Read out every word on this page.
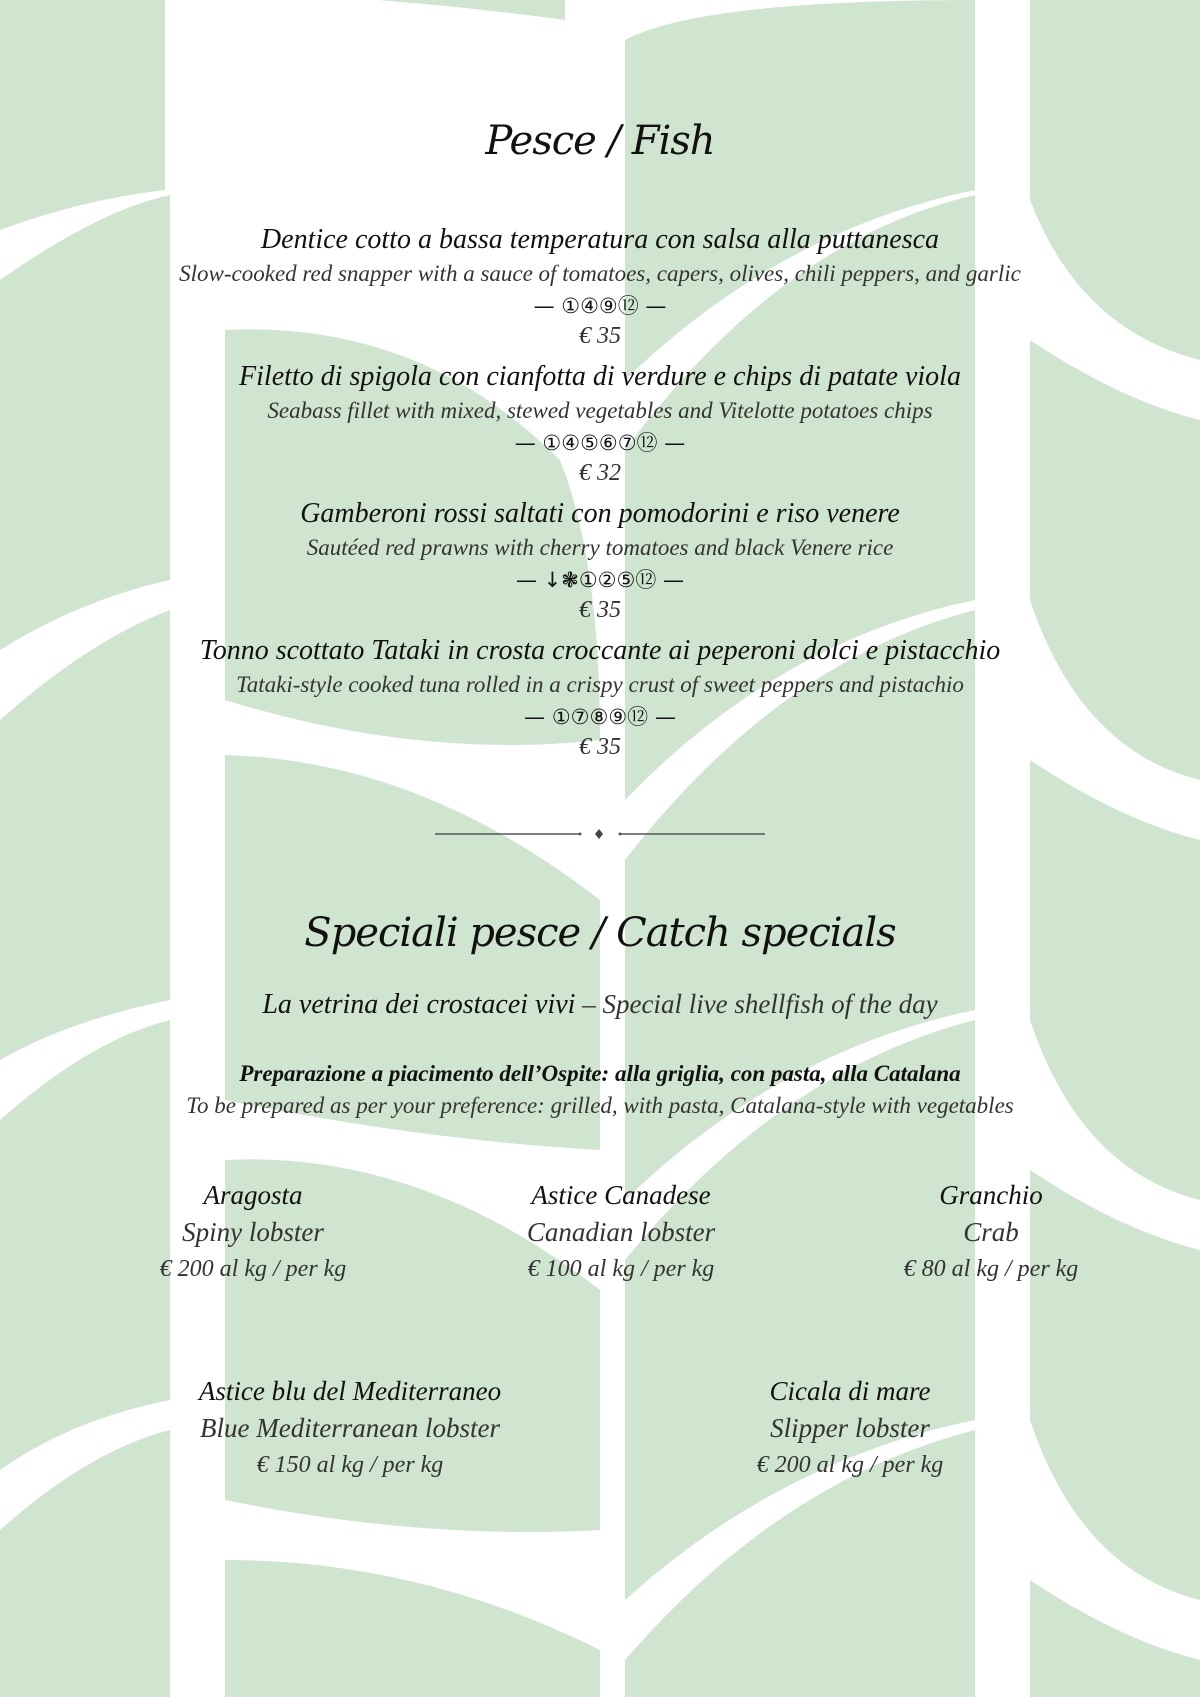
Pesce / Fish
Dentice cotto a bassa temperatura con salsa alla puttanesca
Slow-cooked red snapper with a sauce of tomatoes, capers, olives, chili peppers, and garlic
— ①④⑨⑫ —
€ 35
Filetto di spigola con cianfotta di verdure e chips di patate viola
Seabass fillet with mixed, stewed vegetables and Vitelotte potatoes chips
— ①④⑤⑥⑦⑫ —
€ 32
Gamberoni rossi saltati con pomodorini e riso venere
Sautéed red prawns with cherry tomatoes and black Venere rice
— ↓❃①②⑤⑫ —
€ 35
Tonno scottato Tataki in crosta croccante ai peperoni dolci e pistacchio
Tataki-style cooked tuna rolled in a crispy crust of sweet peppers and pistachio
— ①⑦⑧⑨⑫ —
€ 35
Speciali pesce / Catch specials
La vetrina dei crostacei vivi – Special live shellfish of the day
Preparazione a piacimento dell’Ospite: alla griglia, con pasta, alla Catalana
To be prepared as per your preference: grilled, with pasta, Catalana-style with vegetables
Aragosta
Spiny lobster
€ 200 al kg / per kg
Astice Canadese
Canadian lobster
€ 100 al kg / per kg
Granchio
Crab
€ 80 al kg / per kg
Astice blu del Mediterraneo
Blue Mediterranean lobster
€ 150 al kg / per kg
Cicala di mare
Slipper lobster
€ 200 al kg / per kg
